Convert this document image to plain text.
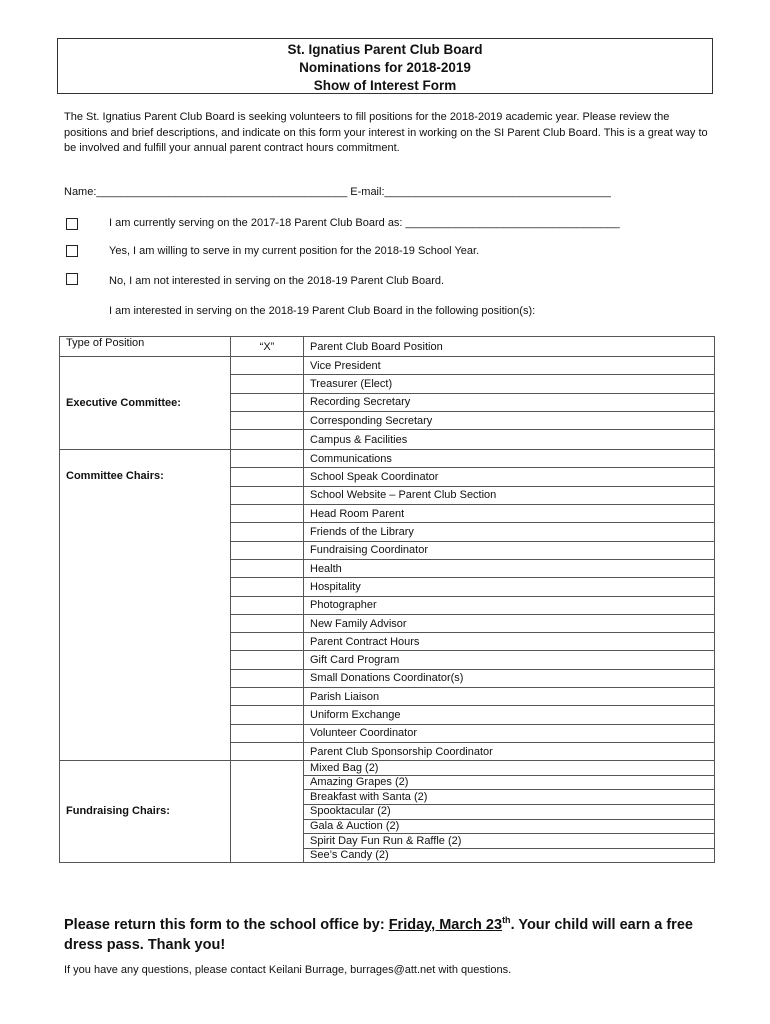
St. Ignatius Parent Club Board
Nominations for 2018-2019
Show of Interest Form
The St. Ignatius Parent Club Board is seeking volunteers to fill positions for the 2018-2019 academic year. Please review the positions and brief descriptions, and indicate on this form your interest in working on the SI Parent Club Board. This is a great way to be involved and fulfill your annual parent contract hours commitment.
Name:_________________________________________ E-mail:_____________________________________
I am currently serving on the 2017-18 Parent Club Board as: ___________________________________
Yes, I am willing to serve in my current position for the 2018-19 School Year.
No, I am not interested in serving on the 2018-19 Parent Club Board.
I am interested in serving on the 2018-19 Parent Club Board in the following position(s):
Type of Position	“X”	Parent Club Board Position
Executive Committee:		Vice President
		Treasurer (Elect)
		Recording Secretary
		Corresponding Secretary
		Campus & Facilities
Committee Chairs:		Communications
		School Speak Coordinator
		School Website – Parent Club Section
		Head Room Parent
		Friends of the Library
		Fundraising Coordinator
		Health
		Hospitality
		Photographer
		New Family Advisor
		Parent Contract Hours
		Gift Card Program
		Small Donations Coordinator(s)
		Parish Liaison
		Uniform Exchange
		Volunteer Coordinator
		Parent Club Sponsorship Coordinator
Fundraising Chairs:		Mixed Bag (2)
		Amazing Grapes (2)
		Breakfast with Santa (2)
		Spooktacular (2)
		Gala & Auction (2)
		Spirit Day Fun Run & Raffle (2)
		See’s Candy (2)
Please return this form to the school office by: Friday, March 23th. Your child will earn a free dress pass. Thank you!
If you have any questions, please contact Keilani Burrage, burrages@att.net with questions.
